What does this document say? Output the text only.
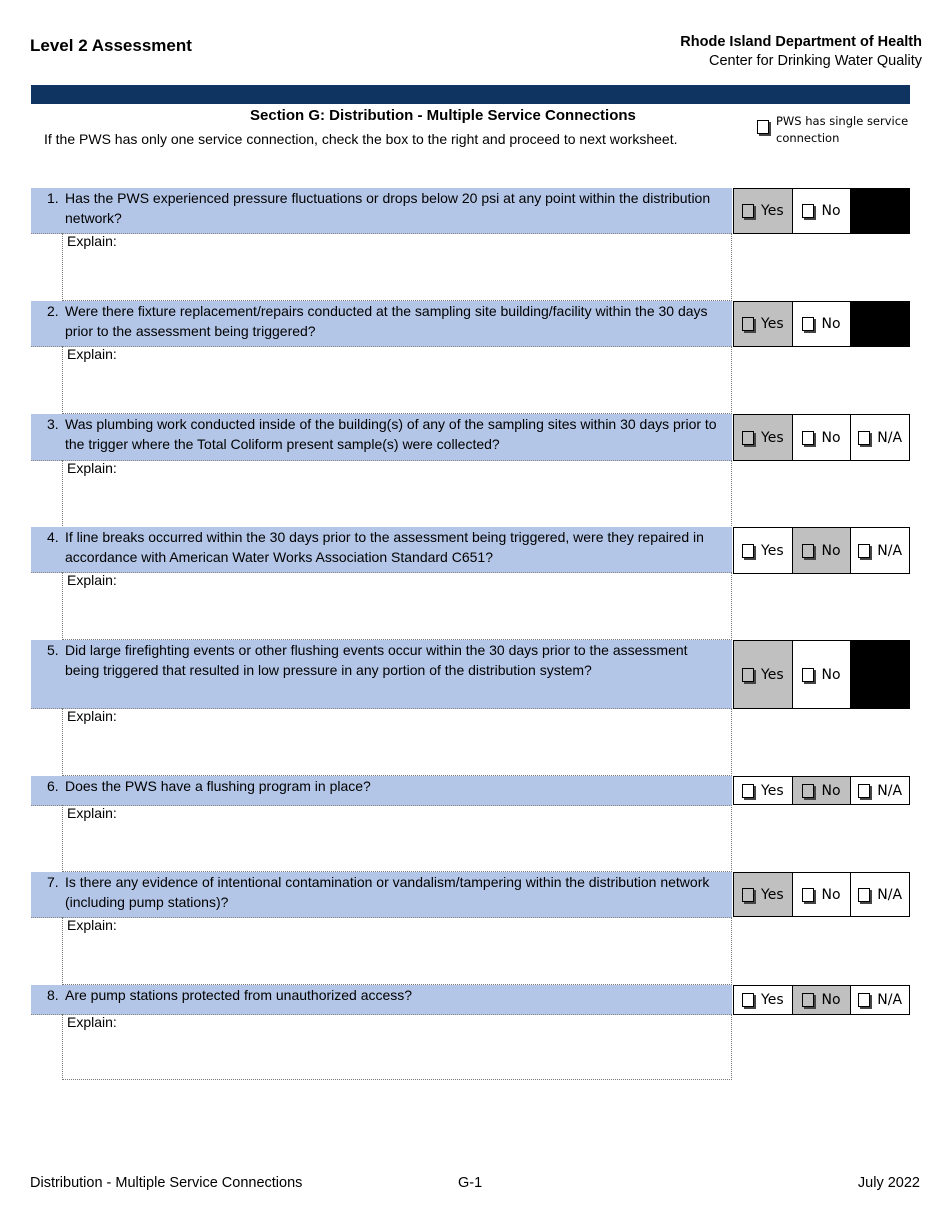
Level 2 Assessment	Rhode Island Department of Health
Center for Drinking Water Quality
Section G: Distribution - Multiple Service Connections
If the PWS has only one service connection, check the box to the right and proceed to next worksheet.
PWS has single service connection
1. Has the PWS experienced pressure fluctuations or drops below 20 psi at any point within the distribution network?
Explain:
Yes	No
2. Were there fixture replacement/repairs conducted at the sampling site building/facility within the 30 days prior to the assessment being triggered?
Explain:
Yes	No
3. Was plumbing work conducted inside of the building(s) of any of the sampling sites within 30 days prior to the trigger where the Total Coliform present sample(s) were collected?
Explain:
Yes	No	N/A
4. If line breaks occurred within the 30 days prior to the assessment being triggered, were they repaired in accordance with American Water Works Association Standard C651?
Explain:
Yes	No	N/A
5. Did large firefighting events or other flushing events occur within the 30 days prior to the assessment being triggered that resulted in low pressure in any portion of the distribution system?
Explain:
Yes	No
6. Does the PWS have a flushing program in place?
Explain:
Yes	No	N/A
7. Is there any evidence of intentional contamination or vandalism/tampering within the distribution network (including pump stations)?
Explain:
Yes	No	N/A
8. Are pump stations protected from unauthorized access?
Explain:
Yes	No	N/A
Distribution - Multiple Service Connections	G-1	July 2022
